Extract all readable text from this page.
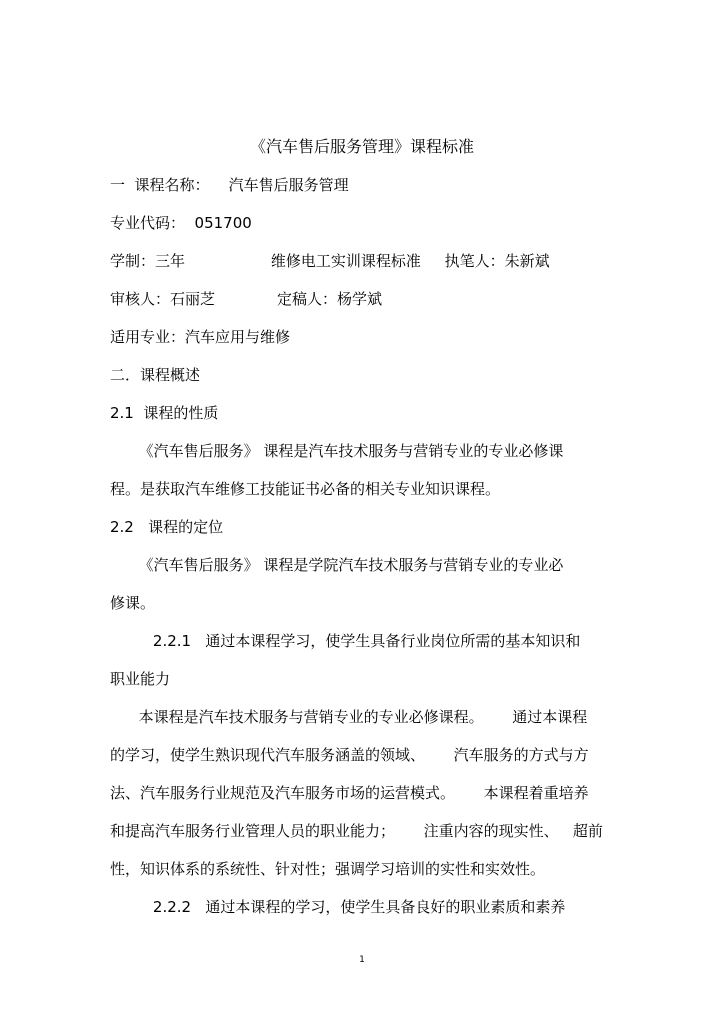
《汽车售后服务管理》课程标准
一  课程名称：    汽车售后服务管理
专业代码：  051700
学制：三年                  维修电工实训课程标准     执笔人：朱新斌
审核人：石丽芝             定稿人：杨学斌
适用专业：汽车应用与维修
二．课程概述
2.1  课程的性质
《汽车售后服务》 课程是汽车技术服务与营销专业的专业必修课
程。是获取汽车维修工技能证书必备的相关专业知识课程。
2.2   课程的定位
《汽车售后服务》 课程是学院汽车技术服务与营销专业的专业必
修课。
2.2.1   通过本课程学习，使学生具备行业岗位所需的基本知识和
职业能力
本课程是汽车技术服务与营销专业的专业必修课程。      通过本课程
的学习，使学生熟识现代汽车服务涵盖的领域、      汽车服务的方式与方
法、汽车服务行业规范及汽车服务市场的运营模式。      本课程着重培养
和提高汽车服务行业管理人员的职业能力；      注重内容的现实性、   超前
性，知识体系的系统性、针对性；强调学习培训的实性和实效性。
2.2.2   通过本课程的学习，使学生具备良好的职业素质和素养
1
